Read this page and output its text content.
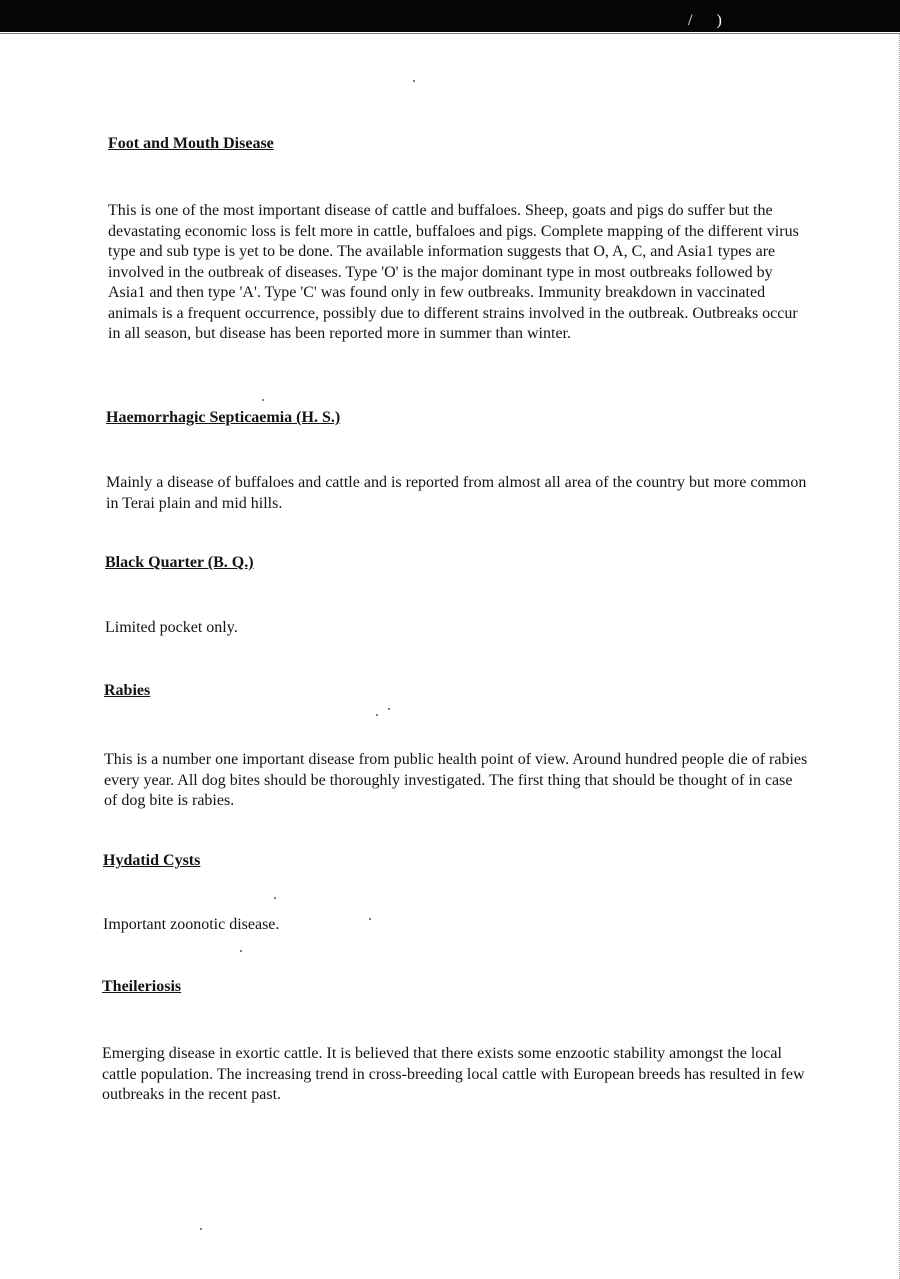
/ )
Foot and Mouth Disease

This is one of the most important disease of cattle and buffaloes. Sheep, goats and pigs do suffer but the devastating economic loss is felt more in cattle, buffaloes and pigs. Complete mapping of the different virus type and sub type is yet to be done. The available information suggests that O, A, C, and Asia1 types are involved in the outbreak of diseases. Type 'O' is the major dominant type in most outbreaks followed by Asia1 and then type 'A'. Type 'C' was found only in few outbreaks. Immunity breakdown in vaccinated animals is a frequent occurrence, possibly due to different strains involved in the outbreak. Outbreaks occur in all season, but disease has been reported more in summer than winter.

Haemorrhagic Septicaemia (H. S.)

Mainly a disease of buffaloes and cattle and is reported from almost all area of the country but more common in Terai plain and mid hills.

Black Quarter (B. Q.)

Limited pocket only.

Rabies

This is a number one important disease from public health point of view. Around hundred people die of rabies every year. All dog bites should be thoroughly investigated. The first thing that should be thought of in case of dog bite is rabies.

Hydatid Cysts

Important zoonotic disease.

Theileriosis

Emerging disease in exortic cattle. It is believed that there exists some enzootic stability amongst the local cattle population. The increasing trend in cross-breeding local cattle with European breeds has resulted in few outbreaks in the recent past.
